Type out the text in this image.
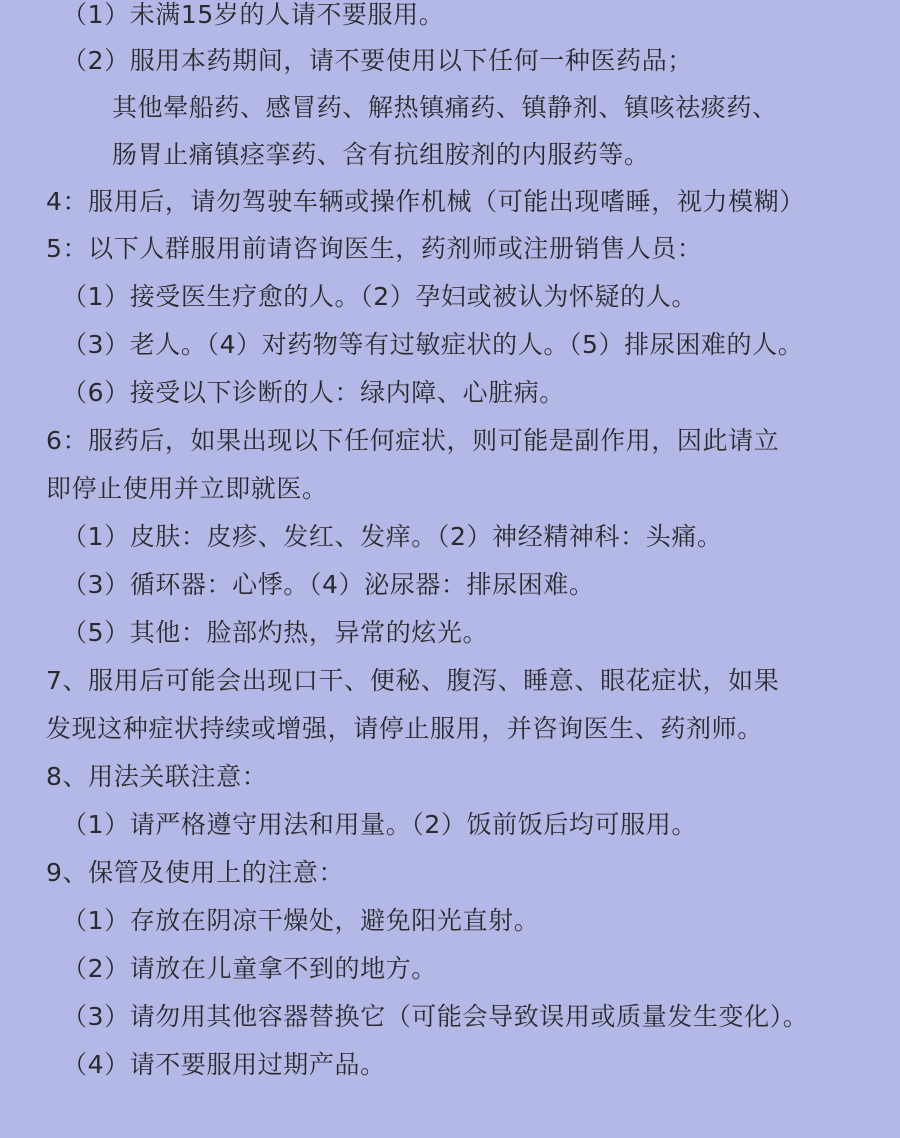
（1）未满15岁的人请不要服用。
（2）服用本药期间，请不要使用以下任何一种医药品；
其他晕船药、感冒药、解热镇痛药、镇静剂、镇咳祛痰药、
肠胃止痛镇痉挛药、含有抗组胺剂的内服药等。
4：服用后，请勿驾驶车辆或操作机械（可能出现嗜睡，视力模糊）
5：以下人群服用前请咨询医生，药剂师或注册销售人员：
（1）接受医生疗愈的人。（2）孕妇或被认为怀疑的人。
（3）老人。（4）对药物等有过敏症状的人。（5）排尿困难的人。
（6）接受以下诊断的人：绿内障、心脏病。
6：服药后，如果出现以下任何症状，则可能是副作用，因此请立
即停止使用并立即就医。
（1）皮肤：皮疹、发红、发痒。（2）神经精神科：头痛。
（3）循环器：心悸。（4）泌尿器：排尿困难。
（5）其他：脸部灼热，异常的炫光。
7、服用后可能会出现口干、便秘、腹泻、睡意、眼花症状，如果
发现这种症状持续或增强，请停止服用，并咨询医生、药剂师。
8、用法关联注意：
（1）请严格遵守用法和用量。（2）饭前饭后均可服用。
9、保管及使用上的注意：
（1）存放在阴凉干燥处，避免阳光直射。
（2）请放在儿童拿不到的地方。
（3）请勿用其他容器替换它（可能会导致误用或质量发生变化）。
（4）请不要服用过期产品。
